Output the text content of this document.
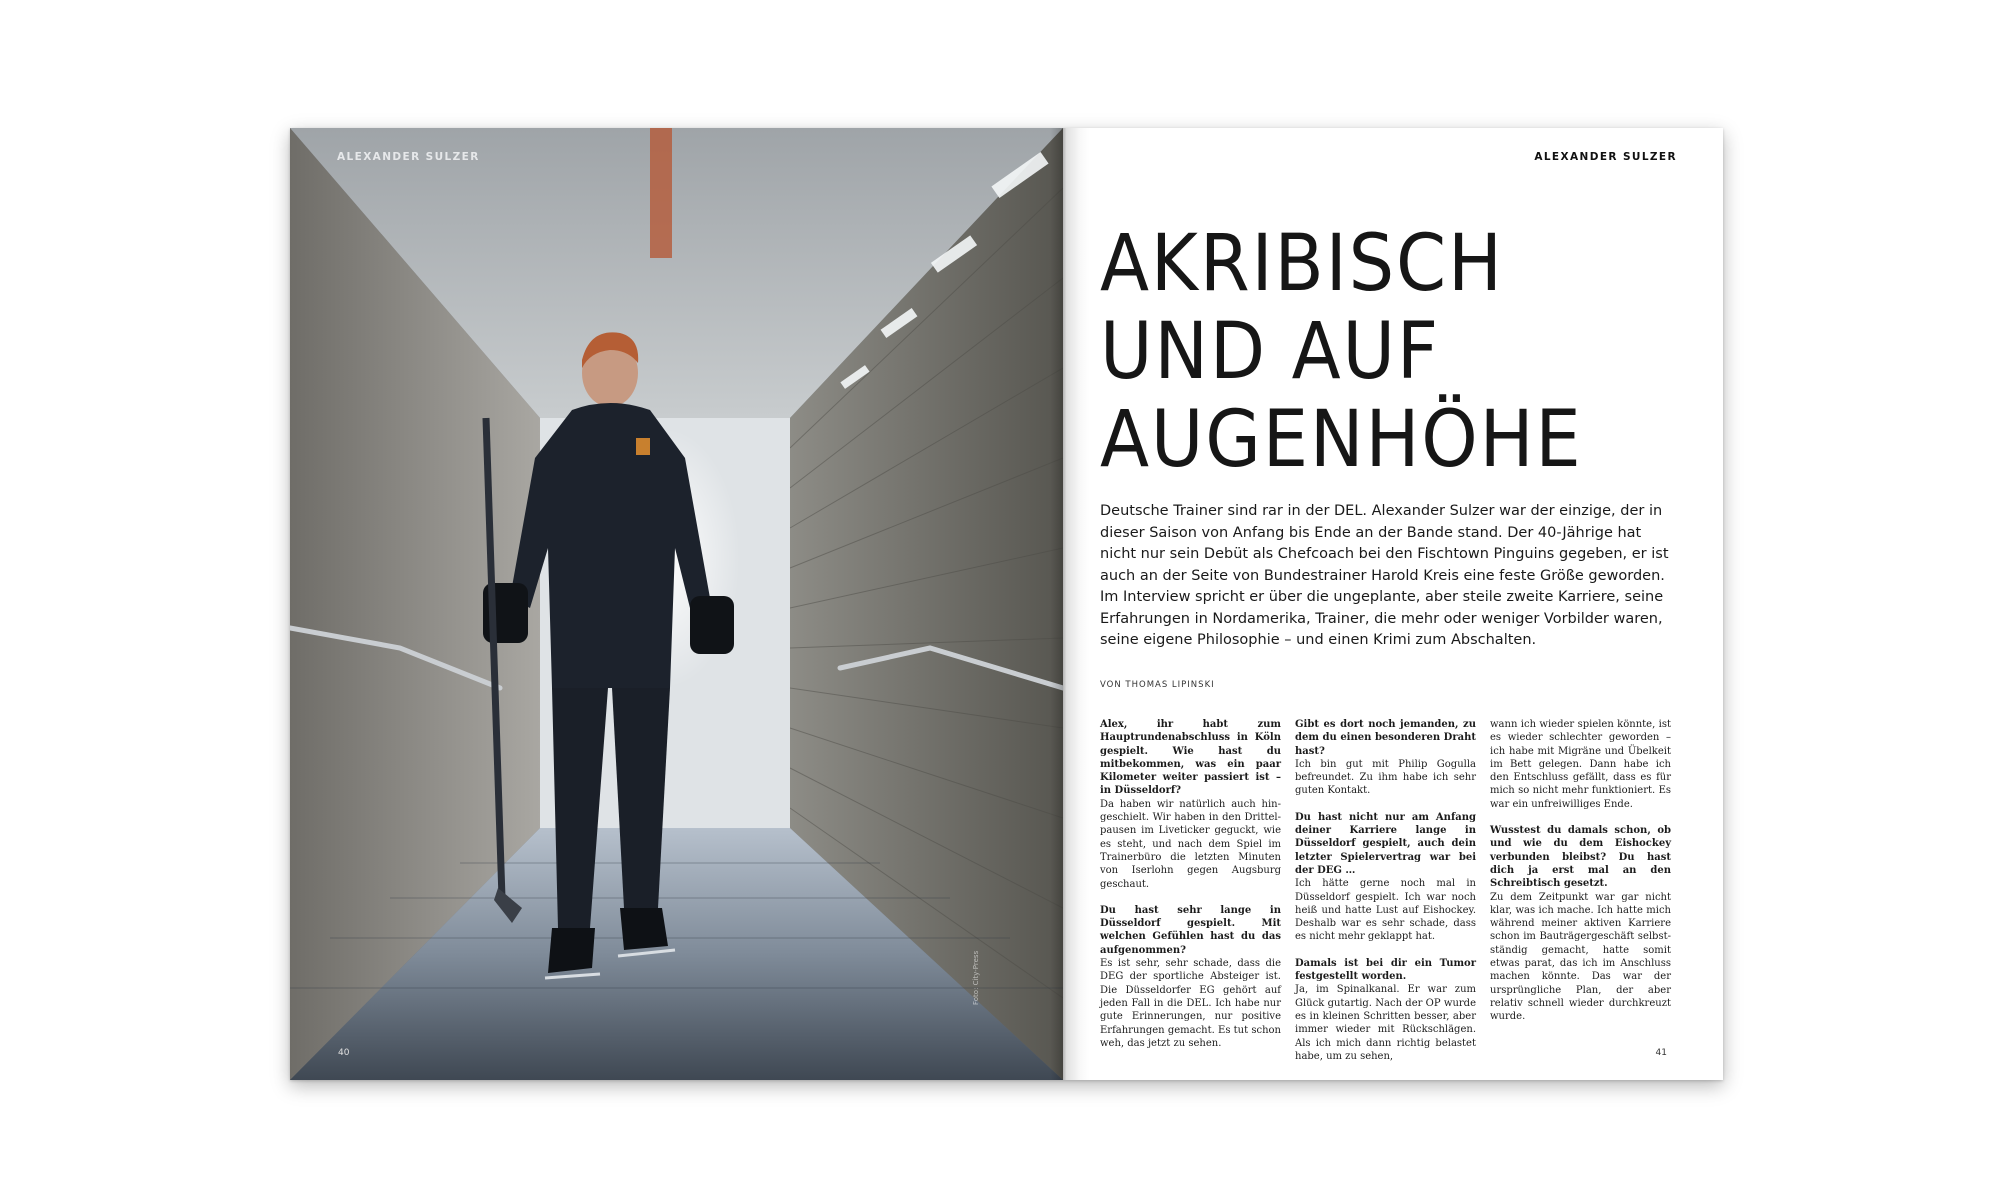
ALEXANDER SULZER
Foto: City-Press
40
ALEXANDER SULZER
AKRIBISCH
UND AUF
AUGENHÖHE

Deutsche Trainer sind rar in der DEL. Alexander Sulzer war der einzige, der in dieser Saison von Anfang bis Ende an der Bande stand. Der 40-Jährige hat nicht nur sein Debüt als Chefcoach bei den Fischtown Pinguins gegeben, er ist auch an der Seite von Bundestrainer Harold Kreis eine feste Größe geworden. Im Interview spricht er über die ungeplante, aber steile zweite Karriere, seine Erfahrungen in Nordamerika, Trainer, die mehr oder weniger Vorbilder waren, seine eigene Philosophie – und einen Krimi zum Abschalten.

VON THOMAS LIPINSKI

Alex, ihr habt zum Hauptrundenabschluss in Köln gespielt. Wie hast du mitbekommen, was ein paar Kilometer weiter passiert ist – in Düsseldorf?
Da haben wir natürlich auch hingeschielt. Wir haben in den Drittelpausen im Liveticker geguckt, wie es steht, und nach dem Spiel im Trainerbüro die letzten Minuten von Iserlohn gegen Augsburg geschaut.

Du hast sehr lange in Düsseldorf gespielt. Mit welchen Gefühlen hast du das aufgenommen?
Es ist sehr, sehr schade, dass die DEG der sportliche Absteiger ist. Die Düsseldorfer EG gehört auf jeden Fall in die DEL. Ich habe nur gute Erinnerungen, nur positive Erfahrungen gemacht. Es tut schon weh, das jetzt zu sehen.

Gibt es dort noch jemanden, zu dem du einen besonderen Draht hast?
Ich bin gut mit Philip Gogulla befreundet. Zu ihm habe ich sehr guten Kontakt.

Du hast nicht nur am Anfang deiner Karriere lange in Düsseldorf gespielt, auch dein letzter Spielervertrag war bei der DEG …
Ich hätte gerne noch mal in Düsseldorf gespielt. Ich war noch heiß und hatte Lust auf Eishockey. Deshalb war es sehr schade, dass es nicht mehr geklappt hat.

Damals ist bei dir ein Tumor festgestellt worden.
Ja, im Spinalkanal. Er war zum Glück gutartig. Nach der OP wurde es in kleinen Schritten besser, aber immer wieder mit Rückschlägen. Als ich mich dann richtig belastet habe, um zu sehen,

wann ich wieder spielen könnte, ist es wieder schlechter geworden – ich habe mit Migräne und Übelkeit im Bett gelegen. Dann habe ich den Entschluss gefällt, dass es für mich so nicht mehr funktioniert. Es war ein unfreiwilliges Ende.

Wusstest du damals schon, ob und wie du dem Eishockey verbunden bleibst? Du hast dich ja erst mal an den Schreibtisch gesetzt.
Zu dem Zeitpunkt war gar nicht klar, was ich mache. Ich hatte mich während meiner aktiven Karriere schon im Bauträgergeschäft selbstständig gemacht, hatte somit etwas parat, das ich im Anschluss machen könnte. Das war der ursprüngliche Plan, der aber relativ schnell wieder durchkreuzt wurde.

41
